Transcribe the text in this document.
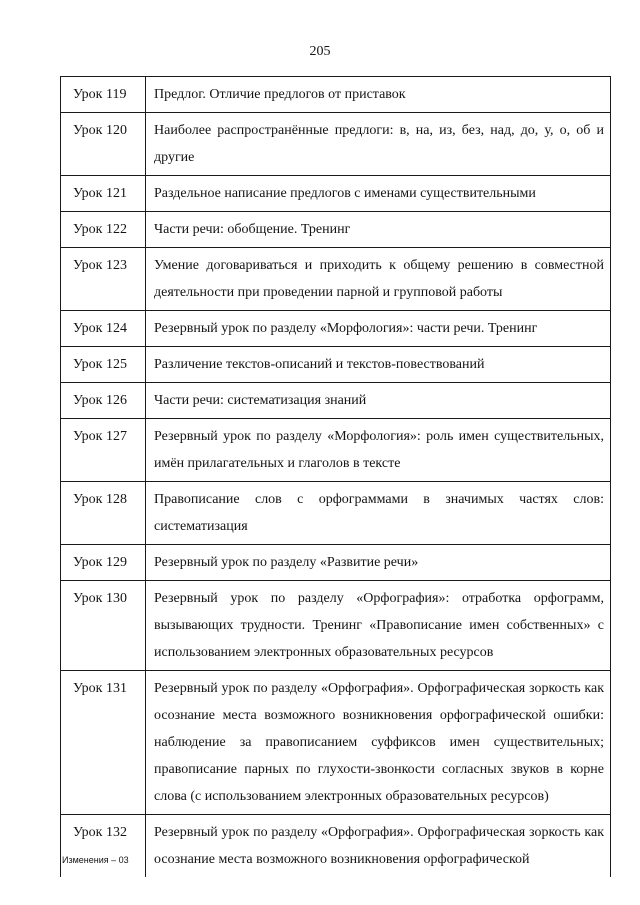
205
Урок 119	Предлог. Отличие предлогов от приставок
Урок 120	Наиболее распространённые предлоги: в, на, из, без, над, до, у, о, об и другие
Урок 121	Раздельное написание предлогов с именами существительными
Урок 122	Части речи: обобщение. Тренинг
Урок 123	Умение договариваться и приходить к общему решению в совместной деятельности при проведении парной и групповой работы
Урок 124	Резервный урок по разделу «Морфология»: части речи. Тренинг
Урок 125	Различение текстов-описаний и текстов-повествований
Урок 126	Части речи: систематизация знаний
Урок 127	Резервный урок по разделу «Морфология»: роль имен существительных, имён прилагательных и глаголов в тексте
Урок 128	Правописание слов с орфограммами в значимых частях слов: систематизация
Урок 129	Резервный урок по разделу «Развитие речи»
Урок 130	Резервный урок по разделу «Орфография»: отработка орфограмм, вызывающих трудности. Тренинг «Правописание имен собственных» с использованием электронных образовательных ресурсов
Урок 131	Резервный урок по разделу «Орфография». Орфографическая зоркость как осознание места возможного возникновения орфографической ошибки: наблюдение за правописанием суффиксов имен существительных; правописание парных по глухости-звонкости согласных звуков в корне слова (с использованием электронных образовательных ресурсов)
Урок 132	Резервный урок по разделу «Орфография». Орфографическая зоркость как осознание места возможного возникновения орфографической
Изменения – 03
